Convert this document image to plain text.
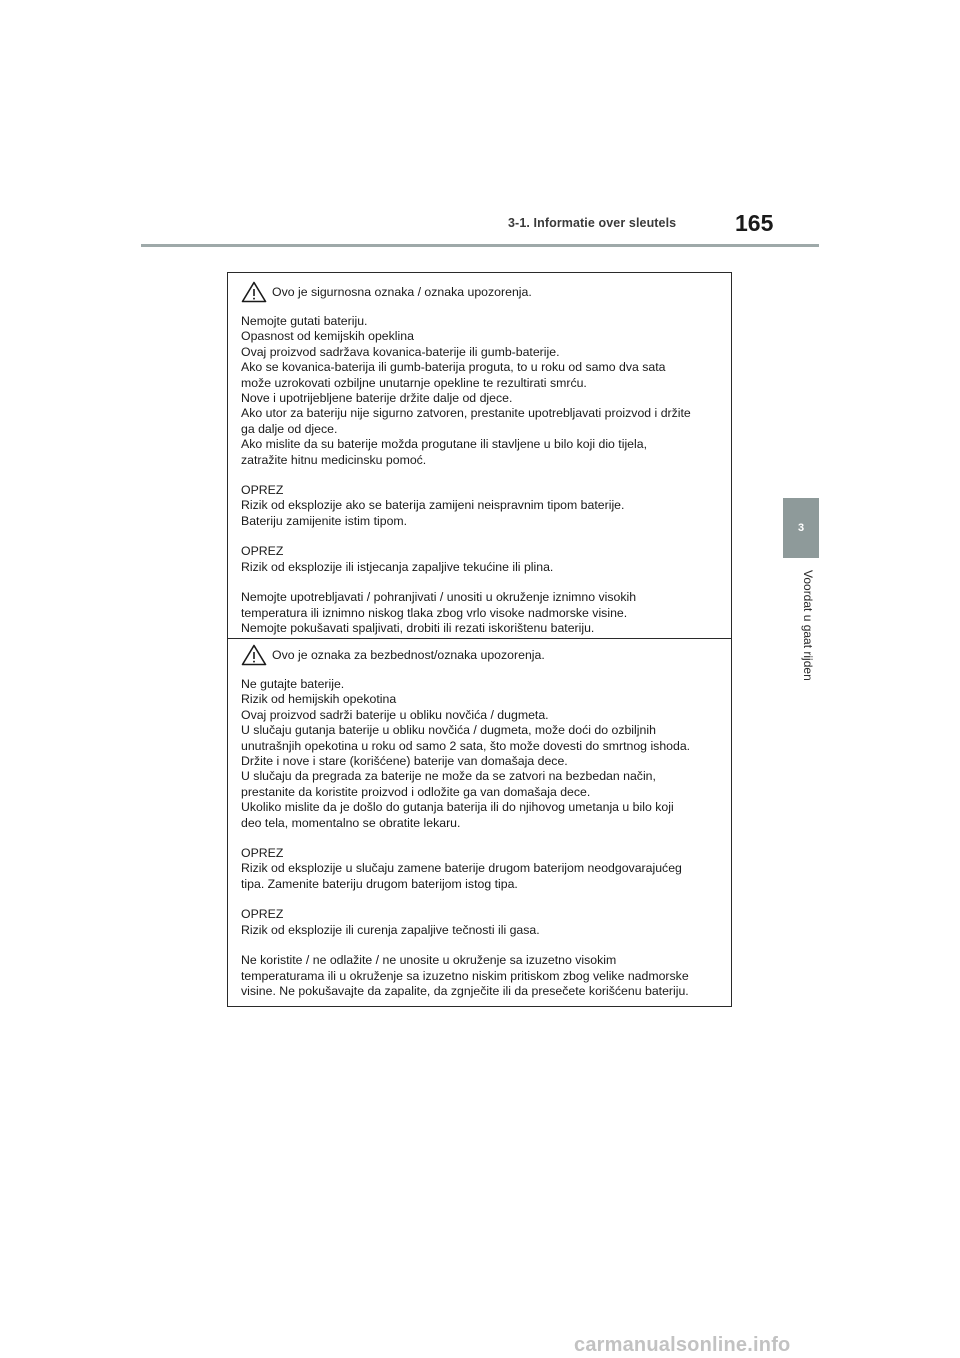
3-1. Informatie over sleutels	165
3
Voordat u gaat rijden
Ovo je sigurnosna oznaka / oznaka upozorenja.

Nemojte gutati bateriju.
Opasnost od kemijskih opeklina
Ovaj proizvod sadržava kovanica-baterije ili gumb-baterije.
Ako se kovanica-baterija ili gumb-baterija proguta, to u roku od samo dva sata
može uzrokovati ozbiljne unutarnje opekline te rezultirati smrću.
Nove i upotrijebljene baterije držite dalje od djece.
Ako utor za bateriju nije sigurno zatvoren, prestanite upotrebljavati proizvod i držite
ga dalje od djece.
Ako mislite da su baterije možda progutane ili stavljene u bilo koji dio tijela,
zatražite hitnu medicinsku pomoć.

OPREZ
Rizik od eksplozije ako se baterija zamijeni neispravnim tipom baterije.
Bateriju zamijenite istim tipom.

OPREZ
Rizik od eksplozije ili istjecanja zapaljive tekućine ili plina.

Nemojte upotrebljavati / pohranjivati / unositi u okruženje iznimno visokih
temperatura ili iznimno niskog tlaka zbog vrlo visoke nadmorske visine.
Nemojte pokušavati spaljivati, drobiti ili rezati iskorištenu bateriju.

Ovo je oznaka za bezbednost/oznaka upozorenja.

Ne gutajte baterije.
Rizik od hemijskih opekotina
Ovaj proizvod sadrži baterije u obliku novčića / dugmeta.
U slučaju gutanja baterije u obliku novčića / dugmeta, može doći do ozbiljnih
unutrašnjih opekotina u roku od samo 2 sata, što može dovesti do smrtnog ishoda.
Držite i nove i stare (korišćene) baterije van domašaja dece.
U slučaju da pregrada za baterije ne može da se zatvori na bezbedan način,
prestanite da koristite proizvod i odložite ga van domašaja dece.
Ukoliko mislite da je došlo do gutanja baterija ili do njihovog umetanja u bilo koji
deo tela, momentalno se obratite lekaru.

OPREZ
Rizik od eksplozije u slučaju zamene baterije drugom baterijom neodgovarajućeg
tipa. Zamenite bateriju drugom baterijom istog tipa.

OPREZ
Rizik od eksplozije ili curenja zapaljive tečnosti ili gasa.

Ne koristite / ne odlažite / ne unosite u okruženje sa izuzetno visokim
temperaturama ili u okruženje sa izuzetno niskim pritiskom zbog velike nadmorske
visine. Ne pokušavajte da zapalite, da zgnječite ili da presečete korišćenu bateriju.

carmanualsonline.info
